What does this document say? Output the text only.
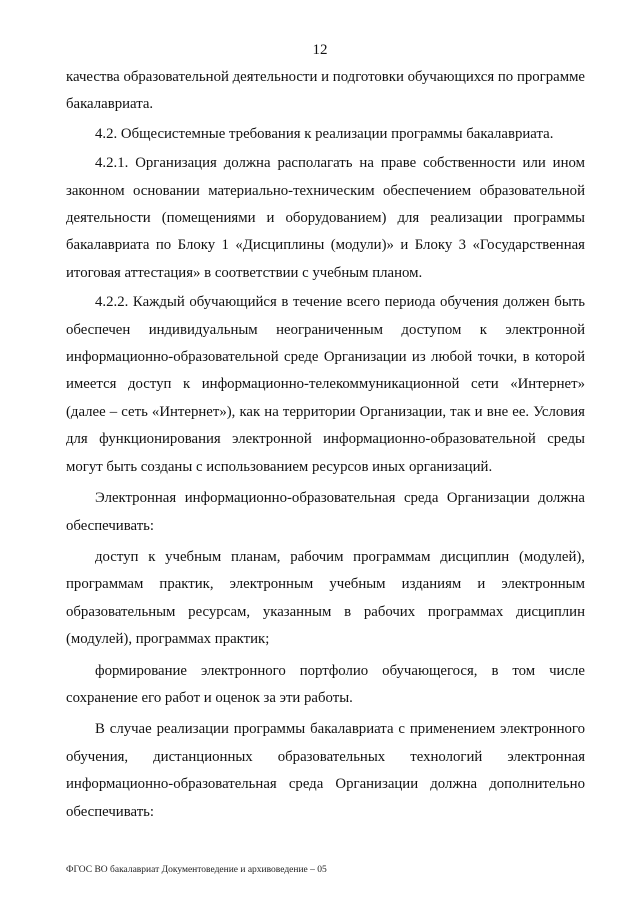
12

качества образовательной деятельности и подготовки обучающихся по программе бакалавриата.

4.2. Общесистемные требования к реализации программы бакалавриата.

4.2.1. Организация должна располагать на праве собственности или ином законном основании материально-техническим обеспечением образовательной деятельности (помещениями и оборудованием) для реализации программы бакалавриата по Блоку 1 «Дисциплины (модули)» и Блоку 3 «Государственная итоговая аттестация» в соответствии с учебным планом.

4.2.2. Каждый обучающийся в течение всего периода обучения должен быть обеспечен индивидуальным неограниченным доступом к электронной информационно-образовательной среде Организации из любой точки, в которой имеется доступ к информационно-телекоммуникационной сети «Интернет» (далее – сеть «Интернет»), как на территории Организации, так и вне ее. Условия для функционирования электронной информационно-образовательной среды могут быть созданы с использованием ресурсов иных организаций.

Электронная информационно-образовательная среда Организации должна обеспечивать:

доступ к учебным планам, рабочим программам дисциплин (модулей), программам практик, электронным учебным изданиям и электронным образовательным ресурсам, указанным в рабочих программах дисциплин (модулей), программах практик;

формирование электронного портфолио обучающегося, в том числе сохранение его работ и оценок за эти работы.

В случае реализации программы бакалавриата с применением электронного обучения, дистанционных образовательных технологий электронная информационно-образовательная среда Организации должна дополнительно обеспечивать:

ФГОС ВО бакалавриат Документоведение и архивоведение – 05
